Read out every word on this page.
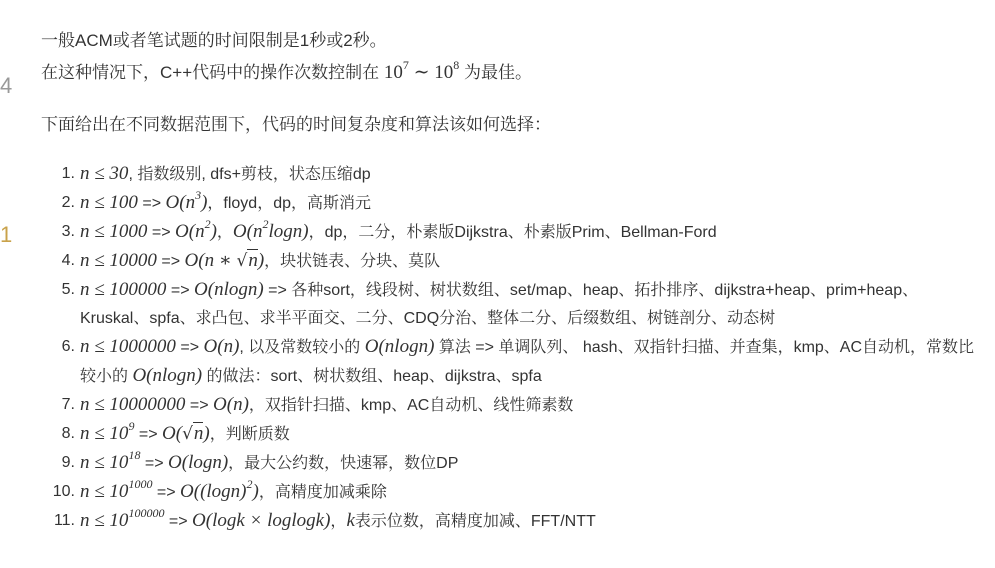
4
1
一般ACM或者笔试题的时间限制是1秒或2秒。
在这种情况下，C++代码中的操作次数控制在 $10^7$ ∼ $10^8$ 为最佳。
下面给出在不同数据范围下，代码的时间复杂度和算法该如何选择：
1. n ≤ 30, 指数级别, dfs+剪枝，状态压缩dp
2. $n \le 100 => O(n^3)$，floyd，dp，高斯消元
3. $n \le 1000 => O(n^2)$，$O(n^2\log n)$，dp，二分，朴素版Dijkstra、朴素版Prim、Bellman-Ford
4. n ≤ 10000 => O(n ∗ √n)，块状链表、分块、莫队
5. n ≤ 100000 => O(nlogn) => 各种sort，线段树、树状数组、set/map、heap、拓扑排序、dijkstra+heap、prim+heap、Kruskal、spfa、求凸包、求半平面交、二分、CDQ分治、整体二分、后缀数组、树链剖分、动态树
6. n ≤ 1000000 => O(n), 以及常数较小的 O(nlogn) 算法 => 单调队列、 hash、双指针扫描、并查集，kmp、AC自动机，常数比较小的 O(nlogn) 的做法：sort、树状数组、heap、dijkstra、spfa
7. n ≤ 10000000 => O(n)，双指针扫描、kmp、AC自动机、线性筛素数
8. $n \le 10^9 => O(√n)$，判断质数
9. $n \le 10^{18} => O(\log n)$，最大公约数，快速幂，数位DP
10. $n \le 10^{1000} => O((\log n)^2)$，高精度加减乘除
11. $n \le 10^{100000} => O(\log k \times loglogk)$，k表示位数，高精度加减、FFT/NTT
